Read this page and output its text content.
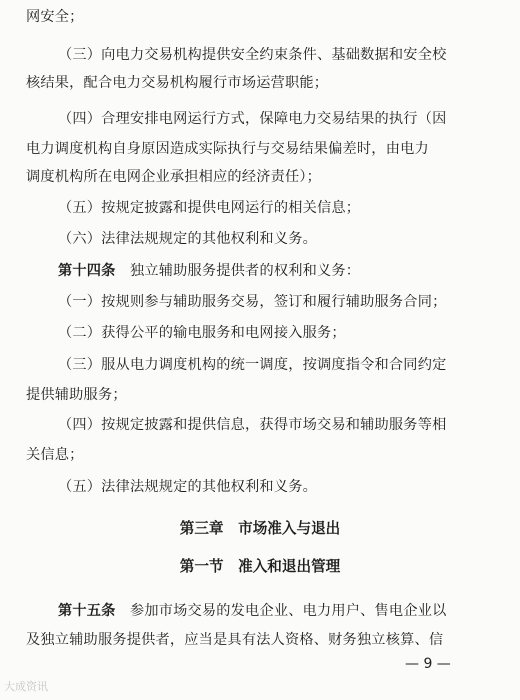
网安全；

（三）向电力交易机构提供安全约束条件、基础数据和安全校

核结果，配合电力交易机构履行市场运营职能；

（四）合理安排电网运行方式，保障电力交易结果的执行（因

电力调度机构自身原因造成实际执行与交易结果偏差时，由电力

调度机构所在电网企业承担相应的经济责任）；

（五）按规定披露和提供电网运行的相关信息；

（六）法律法规规定的其他权利和义务。

第十四条　 独立辅助服务提供者的权利和义务：

（一）按规则参与辅助服务交易，签订和履行辅助服务合同；

（二）获得公平的输电服务和电网接入服务；

（三）服从电力调度机构的统一调度，按调度指令和合同约定

提供辅助服务；

（四）按规定披露和提供信息，获得市场交易和辅助服务等相

关信息；

（五）法律法规规定的其他权利和义务。

第三章　市场准入与退出

第一节　准入和退出管理

第十五条　 参加市场交易的发电企业、电力用户、售电企业以

及独立辅助服务提供者，应当是具有法人资格、财务独立核算、信

— 9 —
大成资讯
